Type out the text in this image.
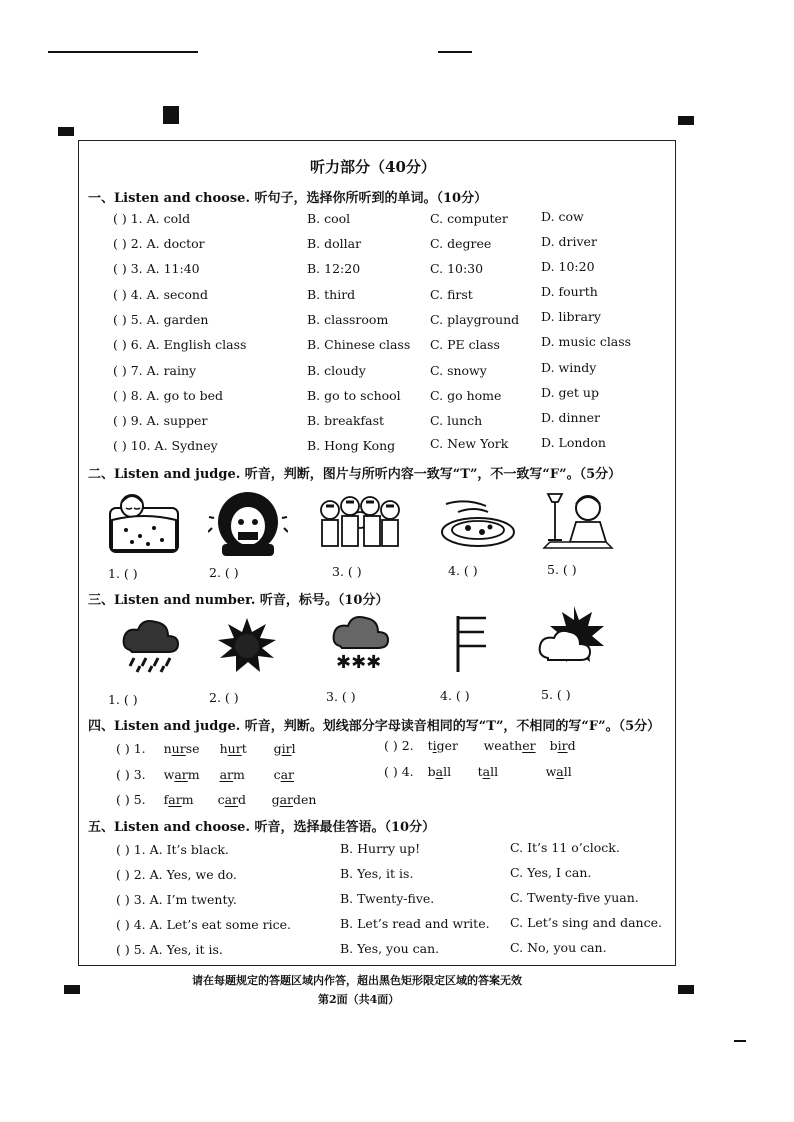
听力部分（40分）
一、Listen and choose. 听句子，选择你所听到的单词。（10分）
( ) 1. A. cold	B. cool	C. computer	D. cow
( ) 2. A. doctor	B. dollar	C. degree	D. driver
( ) 3. A. 11:40	B. 12:20	C. 10:30	D. 10:20
( ) 4. A. second	B. third	C. first	D. fourth
( ) 5. A. garden	B. classroom	C. playground D. library
( ) 6. A. English class	B. Chinese class C. PE class	D. music class
( ) 7. A. rainy	B. cloudy	C. snowy	D. windy
( ) 8. A. go to bed	B. go to school C. go home	D. get up
( ) 9. A. supper	B. breakfast	C. lunch	D. dinner
( ) 10. A. Sydney	B. Hong Kong	C. New York	D. London
二、Listen and judge. 听音，判断，图片与所听内容一致写“T”，不一致写“F”。（5分）
1. ( )	2. ( )	3. ( )	4. ( )	5. ( )
三、Listen and number. 听音，标号。（10分）
✱✱✱
1. ( )	2. ( )	3. ( )	4. ( )	5. ( )
四、Listen and judge. 听音，判断。划线部分字母读音相同的写“T”，不相同的写“F”。（5分）
( ) 1. nurse hurt girl	( ) 2. tiger weather bird
( ) 3. warm arm car	( ) 4. ball tall	wall
( ) 5. farm card garden
五、Listen and choose. 听音，选择最佳答语。（10分）
( ) 1. A. It’s black.	B. Hurry up!	C. It’s 11 o’clock.
( ) 2. A. Yes, we do.	B. Yes, it is.	C. Yes, I can.
( ) 3. A. I’m twenty.	B. Twenty-five.	C. Twenty-five yuan.
( ) 4. A. Let’s eat some rice.	B. Let’s read and write. C. Let’s sing and dance.
( ) 5. A. Yes, it is.	B. Yes, you can.	C. No, you can.
请在每题规定的答题区域内作答，超出黑色矩形限定区域的答案无效
第2面（共4面）
